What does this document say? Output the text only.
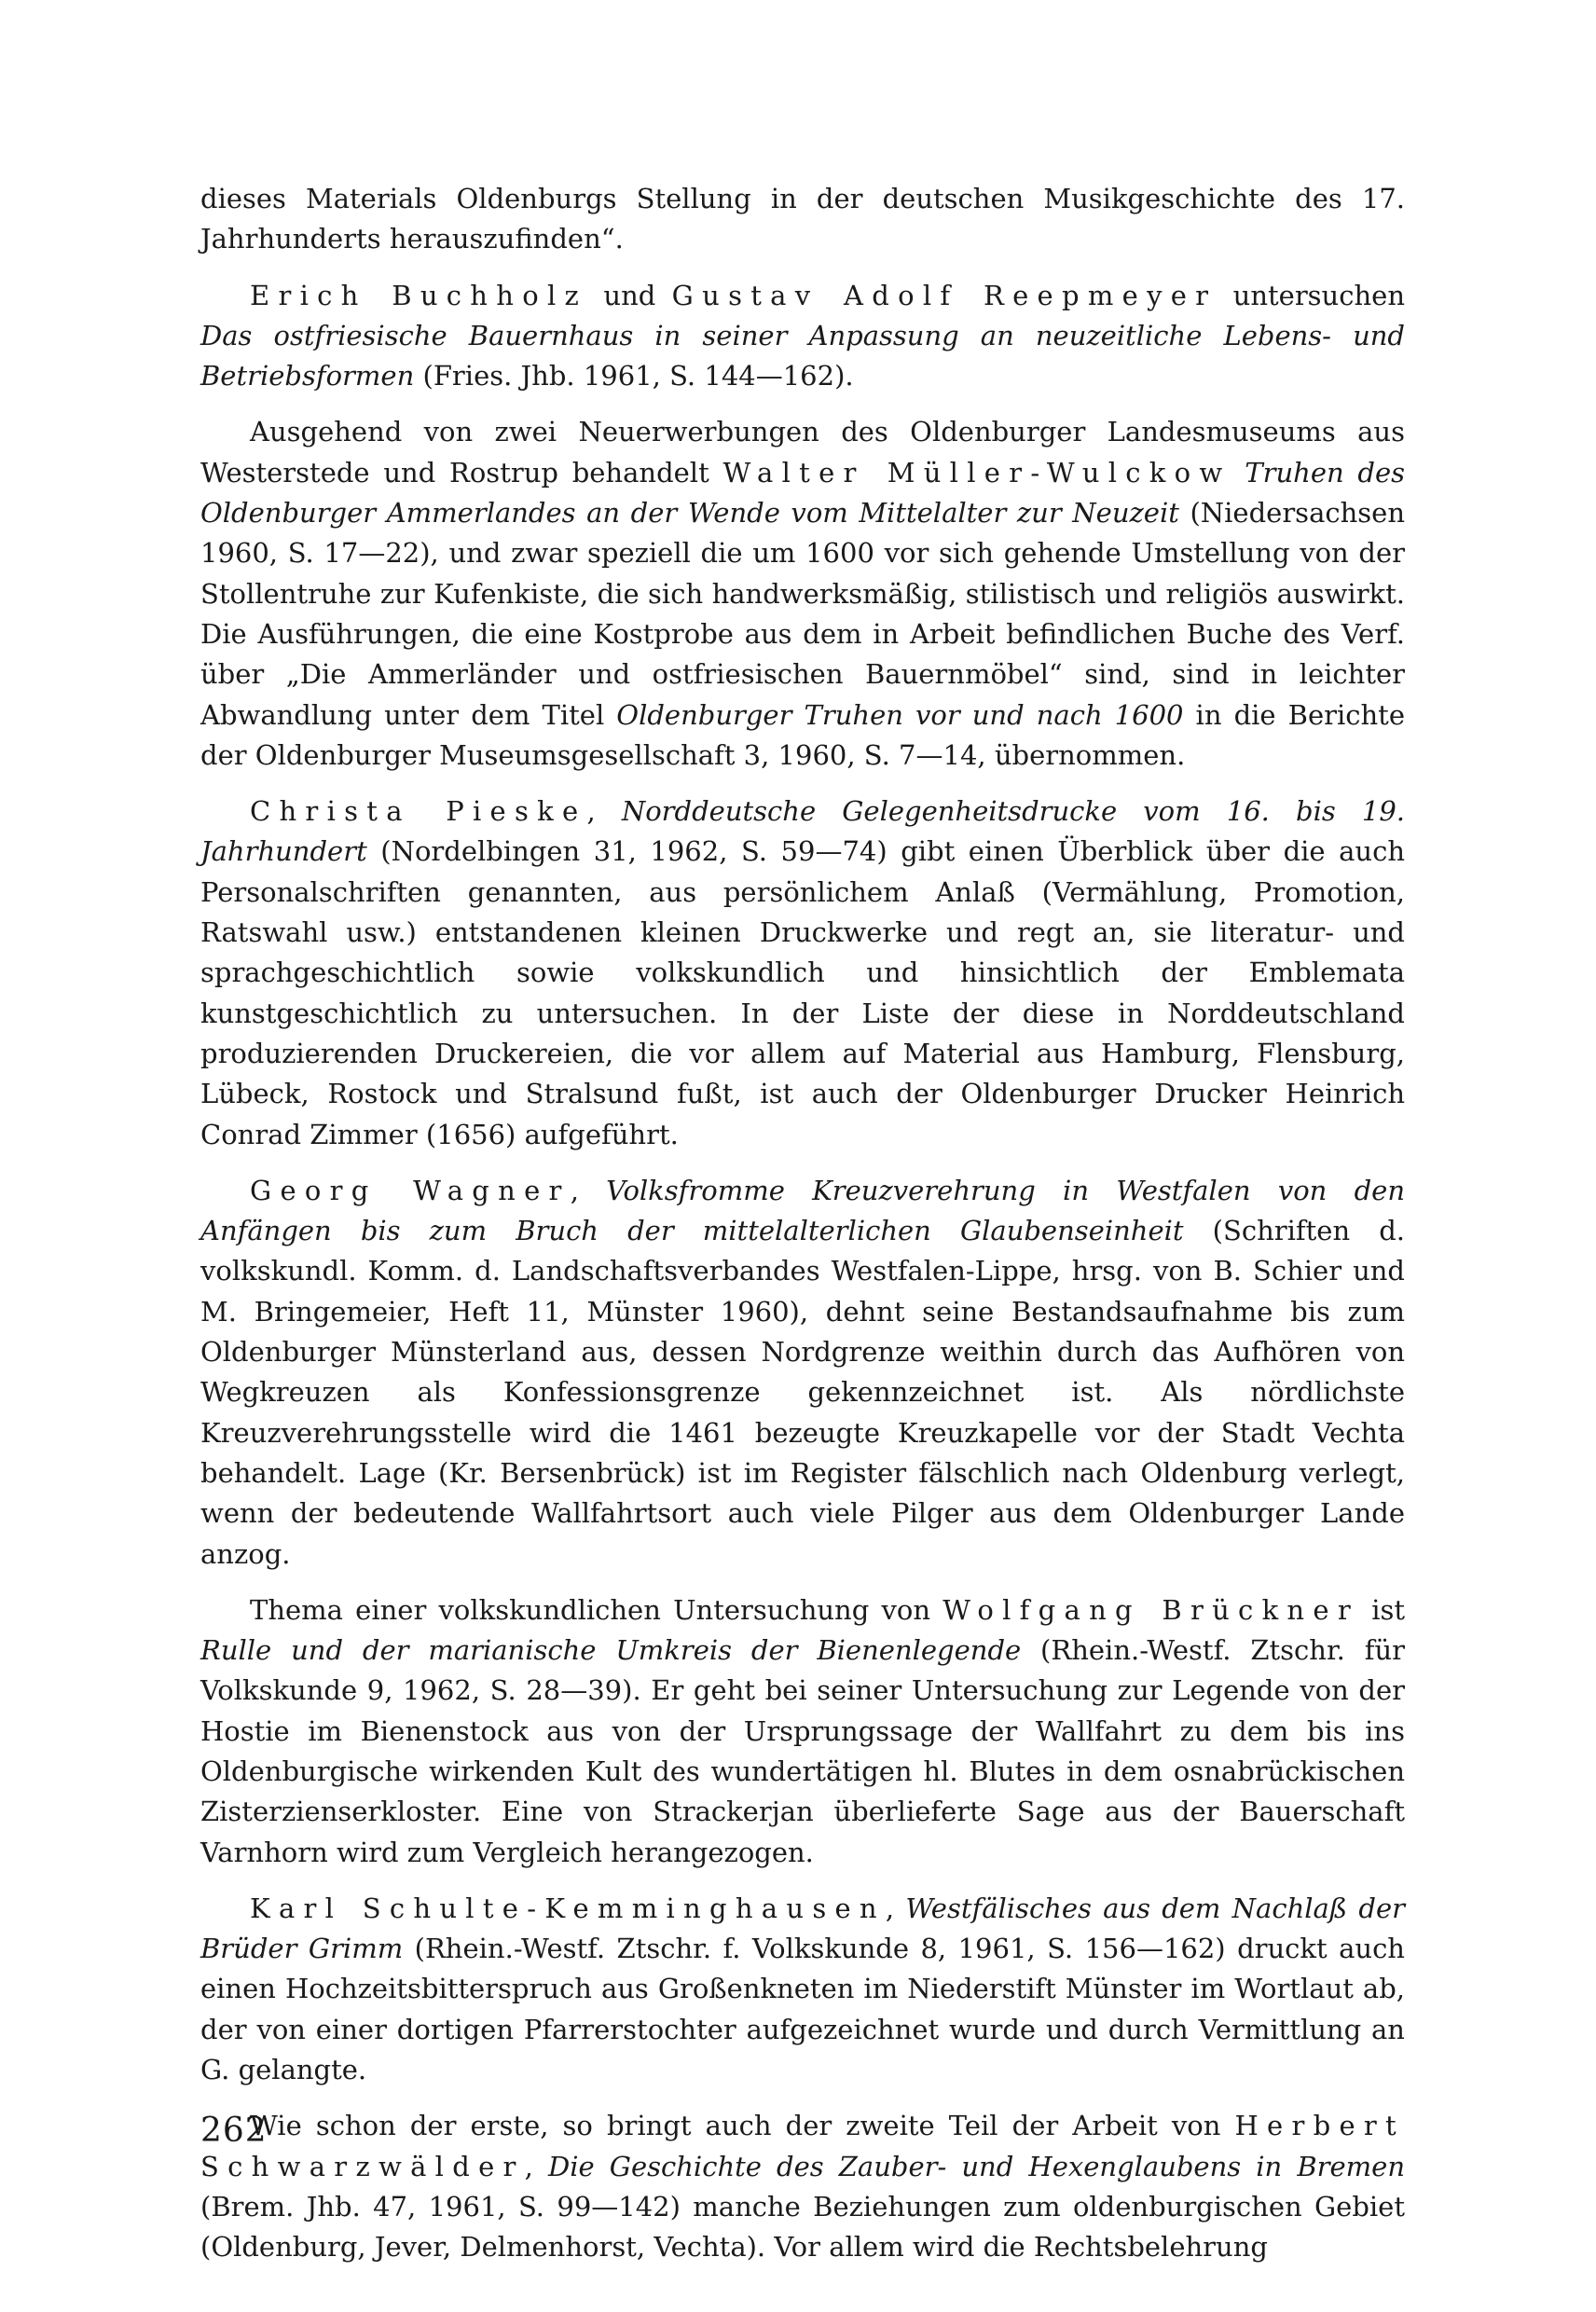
dieses Materials Oldenburgs Stellung in der deutschen Musikgeschichte des 17. Jahrhunderts herauszufinden“.

Erich Buchholz und Gustav Adolf Reepmeyer untersuchen Das ostfriesische Bauernhaus in seiner Anpassung an neuzeitliche Lebens- und Betriebsformen (Fries. Jhb. 1961, S. 144—162).

Ausgehend von zwei Neuerwerbungen des Oldenburger Landesmuseums aus Westerstede und Rostrup behandelt Walter Müller-Wulckow Truhen des Oldenburger Ammerlandes an der Wende vom Mittelalter zur Neuzeit (Niedersachsen 1960, S. 17—22), und zwar speziell die um 1600 vor sich gehende Umstellung von der Stollentruhe zur Kufenkiste, die sich handwerksmäßig, stilistisch und religiös auswirkt. Die Ausführungen, die eine Kostprobe aus dem in Arbeit befindlichen Buche des Verf. über „Die Ammerländer und ostfriesischen Bauernmöbel“ sind, sind in leichter Abwandlung unter dem Titel Oldenburger Truhen vor und nach 1600 in die Berichte der Oldenburger Museumsgesellschaft 3, 1960, S. 7—14, übernommen.

Christa Pieske, Norddeutsche Gelegenheitsdrucke vom 16. bis 19. Jahrhundert (Nordelbingen 31, 1962, S. 59—74) gibt einen Überblick über die auch Personalschriften genannten, aus persönlichem Anlaß (Vermählung, Promotion, Ratswahl usw.) entstandenen kleinen Druckwerke und regt an, sie literatur- und sprachgeschichtlich sowie volkskundlich und hinsichtlich der Emblemata kunstgeschichtlich zu untersuchen. In der Liste der diese in Norddeutschland produzierenden Druckereien, die vor allem auf Material aus Hamburg, Flensburg, Lübeck, Rostock und Stralsund fußt, ist auch der Oldenburger Drucker Heinrich Conrad Zimmer (1656) aufgeführt.

Georg Wagner, Volksfromme Kreuzverehrung in Westfalen von den Anfängen bis zum Bruch der mittelalterlichen Glaubenseinheit (Schriften d. volkskundl. Komm. d. Landschaftsverbandes Westfalen-Lippe, hrsg. von B. Schier und M. Bringemeier, Heft 11, Münster 1960), dehnt seine Bestandsaufnahme bis zum Oldenburger Münsterland aus, dessen Nordgrenze weithin durch das Aufhören von Wegkreuzen als Konfessionsgrenze gekennzeichnet ist. Als nördlichste Kreuzverehrungsstelle wird die 1461 bezeugte Kreuzkapelle vor der Stadt Vechta behandelt. Lage (Kr. Bersenbrück) ist im Register fälschlich nach Oldenburg verlegt, wenn der bedeutende Wallfahrtsort auch viele Pilger aus dem Oldenburger Lande anzog.

Thema einer volkskundlichen Untersuchung von Wolfgang Brückner ist Rulle und der marianische Umkreis der Bienenlegende (Rhein.-Westf. Ztschr. für Volkskunde 9, 1962, S. 28—39). Er geht bei seiner Untersuchung zur Legende von der Hostie im Bienenstock aus von der Ursprungssage der Wallfahrt zu dem bis ins Oldenburgische wirkenden Kult des wundertätigen hl. Blutes in dem osnabrückischen Zisterzienserkloster. Eine von Strackerjan überlieferte Sage aus der Bauerschaft Varnhorn wird zum Vergleich herangezogen.

Karl Schulte-Kemminghausen, Westfälisches aus dem Nachlaß der Brüder Grimm (Rhein.-Westf. Ztschr. f. Volkskunde 8, 1961, S. 156—162) druckt auch einen Hochzeitsbitterspruch aus Großenkneten im Niederstift Münster im Wortlaut ab, der von einer dortigen Pfarrerstochter aufgezeichnet wurde und durch Vermittlung an G. gelangte.

Wie schon der erste, so bringt auch der zweite Teil der Arbeit von Herbert Schwarzwälder, Die Geschichte des Zauber- und Hexenglaubens in Bremen (Brem. Jhb. 47, 1961, S. 99—142) manche Beziehungen zum oldenburgischen Gebiet (Oldenburg, Jever, Delmenhorst, Vechta). Vor allem wird die Rechtsbelehrung

262
